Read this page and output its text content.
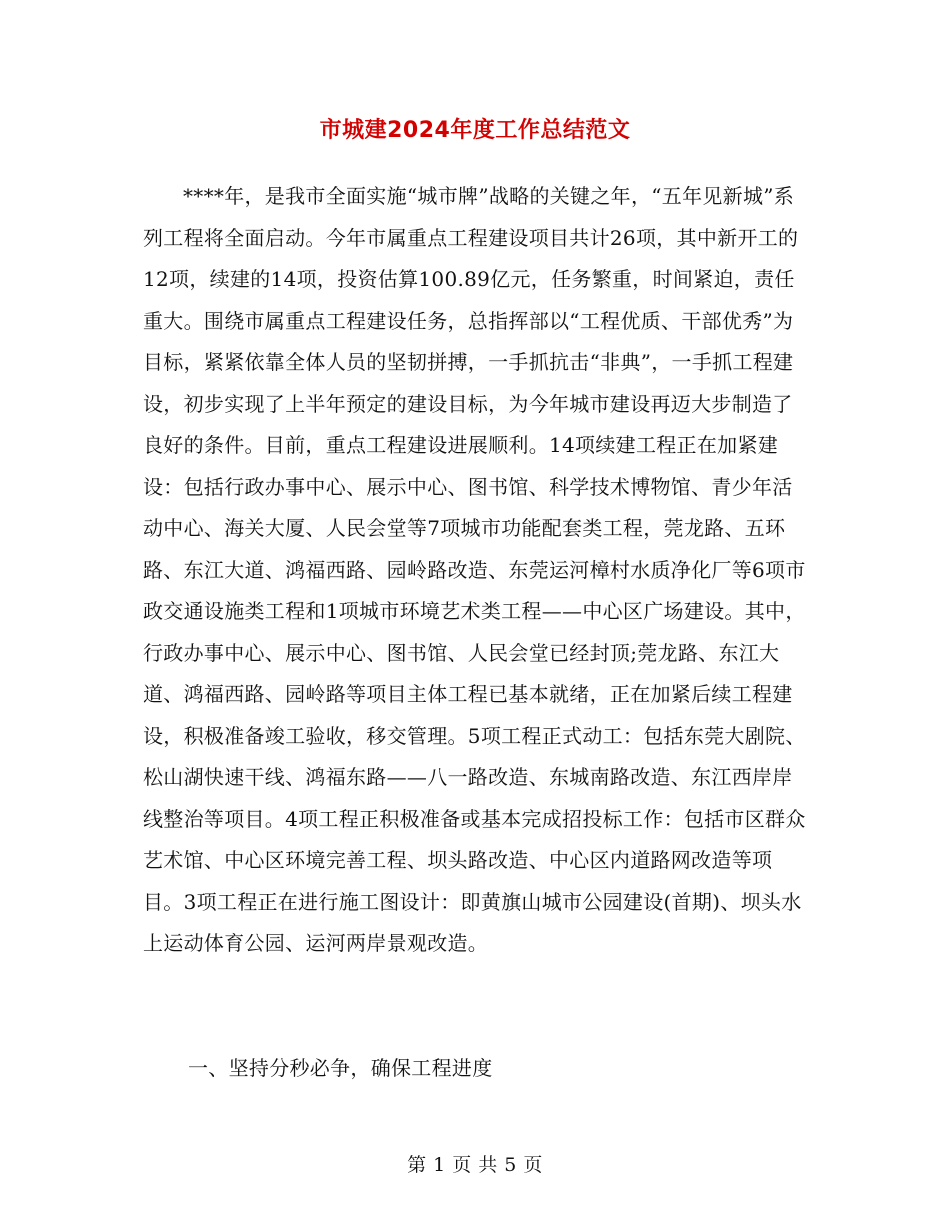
市城建2024年度工作总结范文

****年，是我市全面实施“城市牌”战略的关键之年，“五年见新城”系列工程将全面启动。今年市属重点工程建设项目共计26项，其中新开工的12项，续建的14项，投资估算100.89亿元，任务繁重，时间紧迫，责任重大。围绕市属重点工程建设任务，总指挥部以“工程优质、干部优秀”为目标，紧紧依靠全体人员的坚韧拼搏，一手抓抗击“非典”，一手抓工程建设，初步实现了上半年预定的建设目标，为今年城市建设再迈大步制造了良好的条件。目前，重点工程建设进展顺利。14项续建工程正在加紧建设：包括行政办事中心、展示中心、图书馆、科学技术博物馆、青少年活动中心、海关大厦、人民会堂等7项城市功能配套类工程，莞龙路、五环路、东江大道、鸿福西路、园岭路改造、东莞运河樟村水质净化厂等6项市政交通设施类工程和1项城市环境艺术类工程——中心区广场建设。其中，行政办事中心、展示中心、图书馆、人民会堂已经封顶;莞龙路、东江大道、鸿福西路、园岭路等项目主体工程已基本就绪，正在加紧后续工程建设，积极准备竣工验收，移交管理。5项工程正式动工：包括东莞大剧院、松山湖快速干线、鸿福东路——八一路改造、东城南路改造、东江西岸岸线整治等项目。4项工程正积极准备或基本完成招投标工作：包括市区群众艺术馆、中心区环境完善工程、坝头路改造、中心区内道路网改造等项目。3项工程正在进行施工图设计：即黄旗山城市公园建设(首期)、坝头水上运动体育公园、运河两岸景观改造。

一、坚持分秒必争，确保工程进度
第 1 页 共 5 页
